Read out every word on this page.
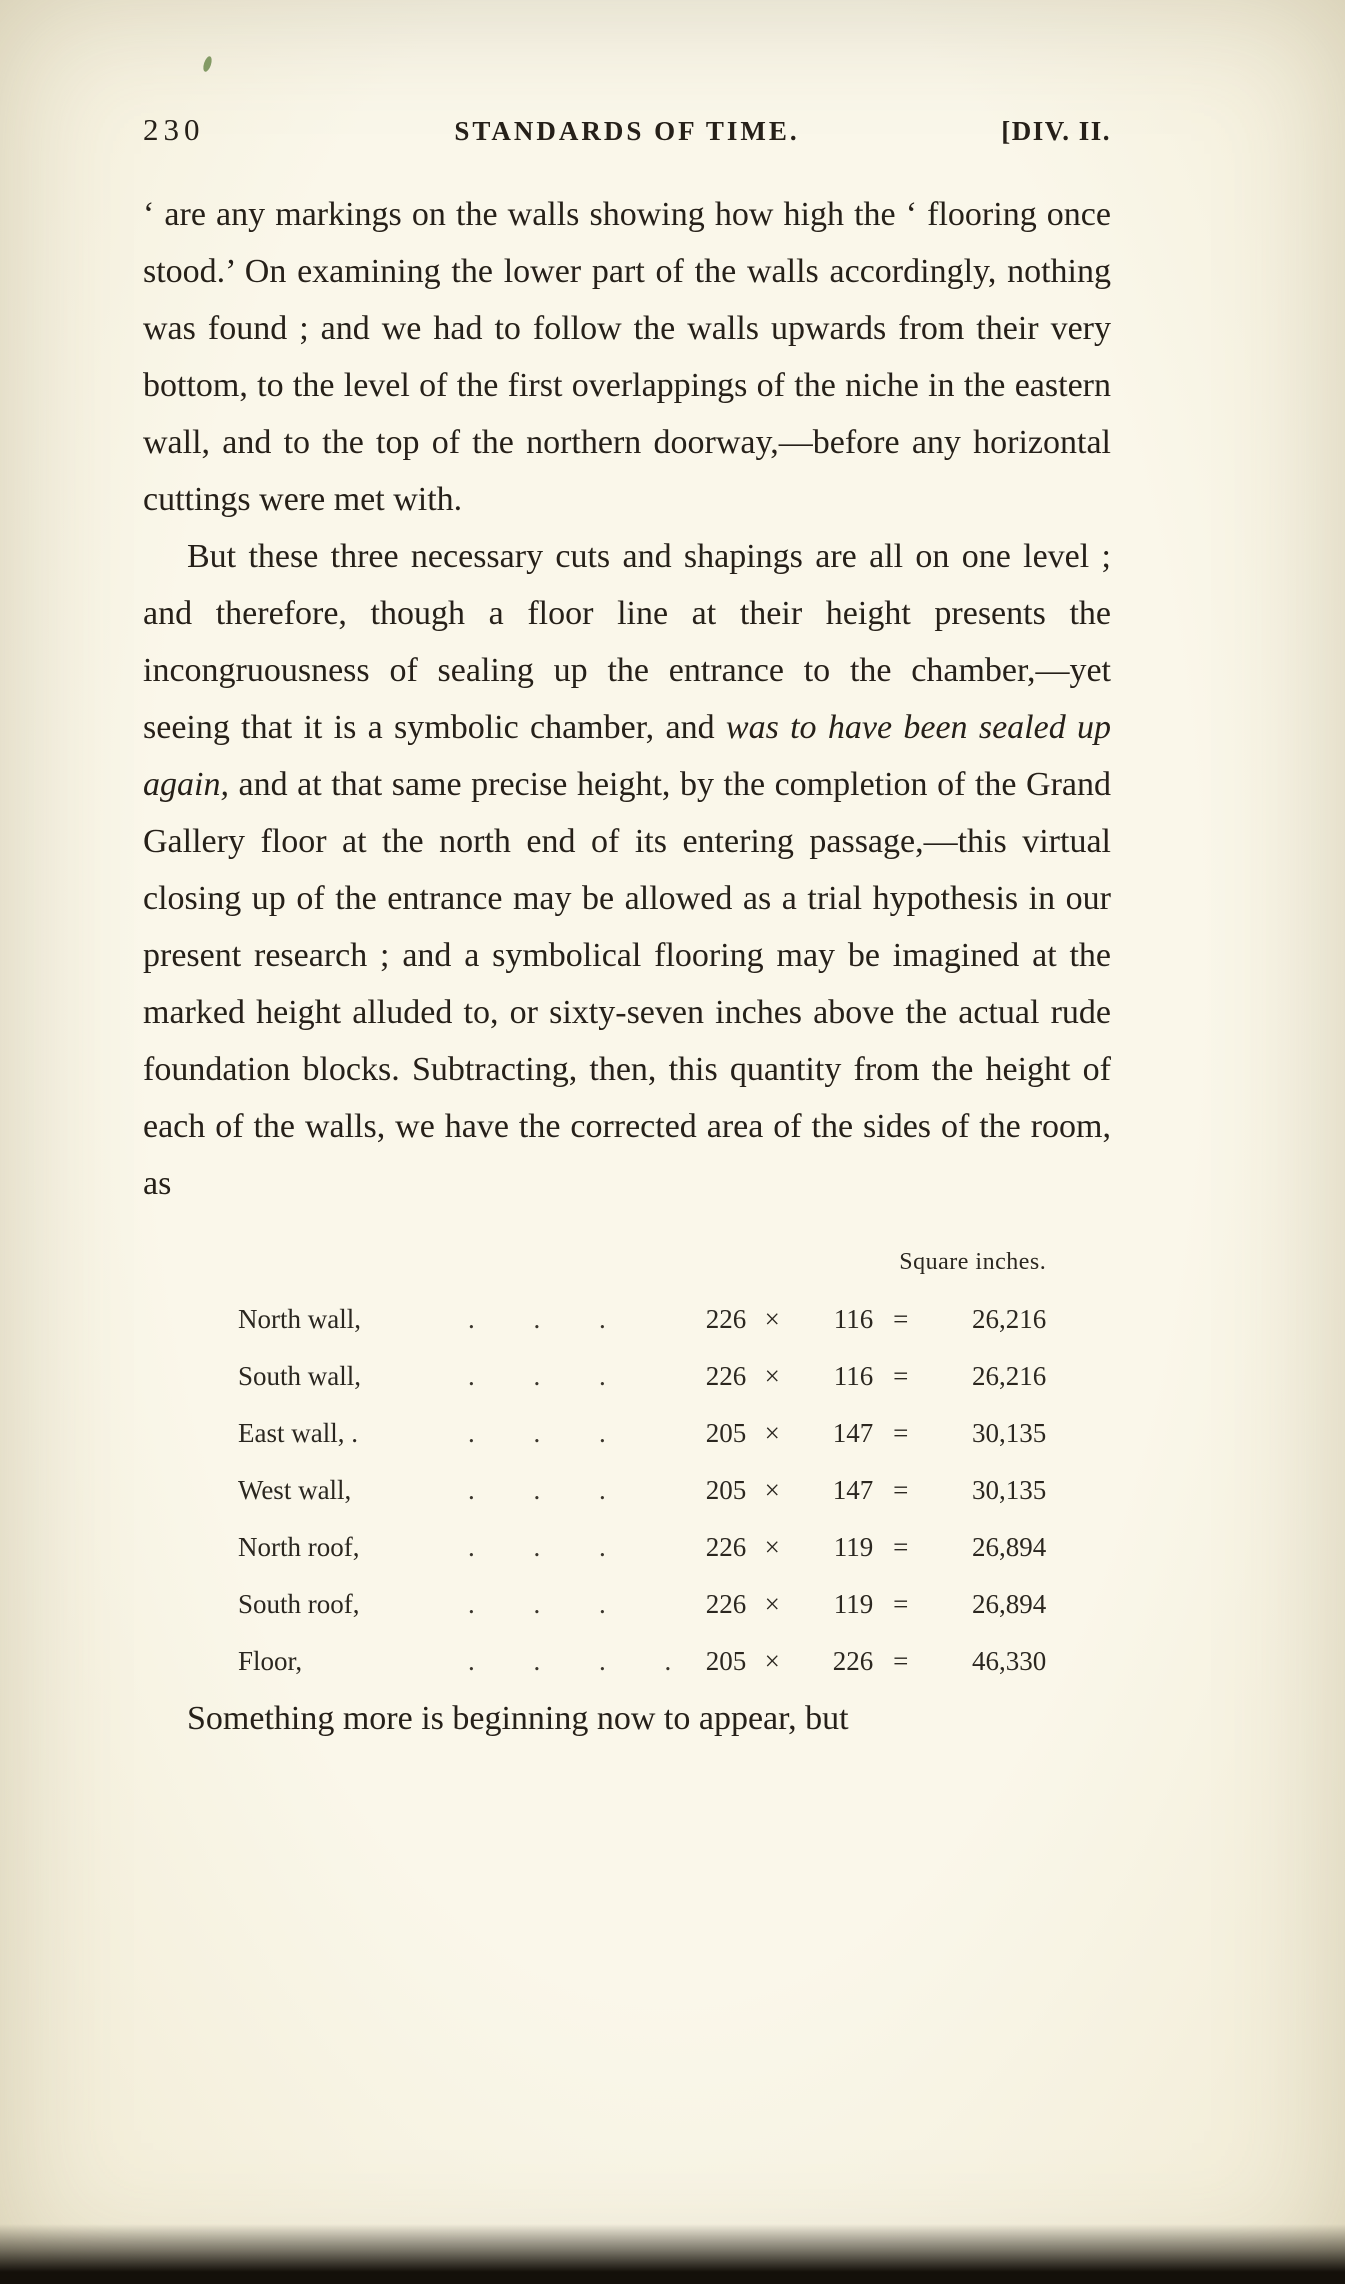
230	STANDARDS OF TIME.	[DIV. II.

‘ are any markings on the walls showing how high the ‘ flooring once stood.’ On examining the lower part of the walls accordingly, nothing was found ; and we had to follow the walls upwards from their very bottom, to the level of the first overlappings of the niche in the eastern wall, and to the top of the northern doorway,—before any horizontal cuttings were met with.

But these three necessary cuts and shapings are all on one level ; and therefore, though a floor line at their height presents the incongruousness of sealing up the entrance to the chamber,—yet seeing that it is a symbolic chamber, and was to have been sealed up again, and at that same precise height, by the completion of the Grand Gallery floor at the north end of its entering passage,—this virtual closing up of the entrance may be allowed as a trial hypothesis in our present research ; and a symbolical flooring may be imagined at the marked height alluded to, or sixty-seven inches above the actual rude foundation blocks. Subtracting, then, this quantity from the height of each of the walls, we have the corrected area of the sides of the room, as

Square inches.						
North wall,	. . .	226	×	116	=	26,216
South wall,	. . .	226	×	116	=	26,216
East wall, .	. . .	205	×	147	=	30,135
West wall,	. . .	205	×	147	=	30,135
North roof,	. . .	226	×	119	=	26,894
South roof,	. . .	226	×	119	=	26,894
Floor,	. . . .	205	×	226	=	46,330

Something more is beginning now to appear, but
